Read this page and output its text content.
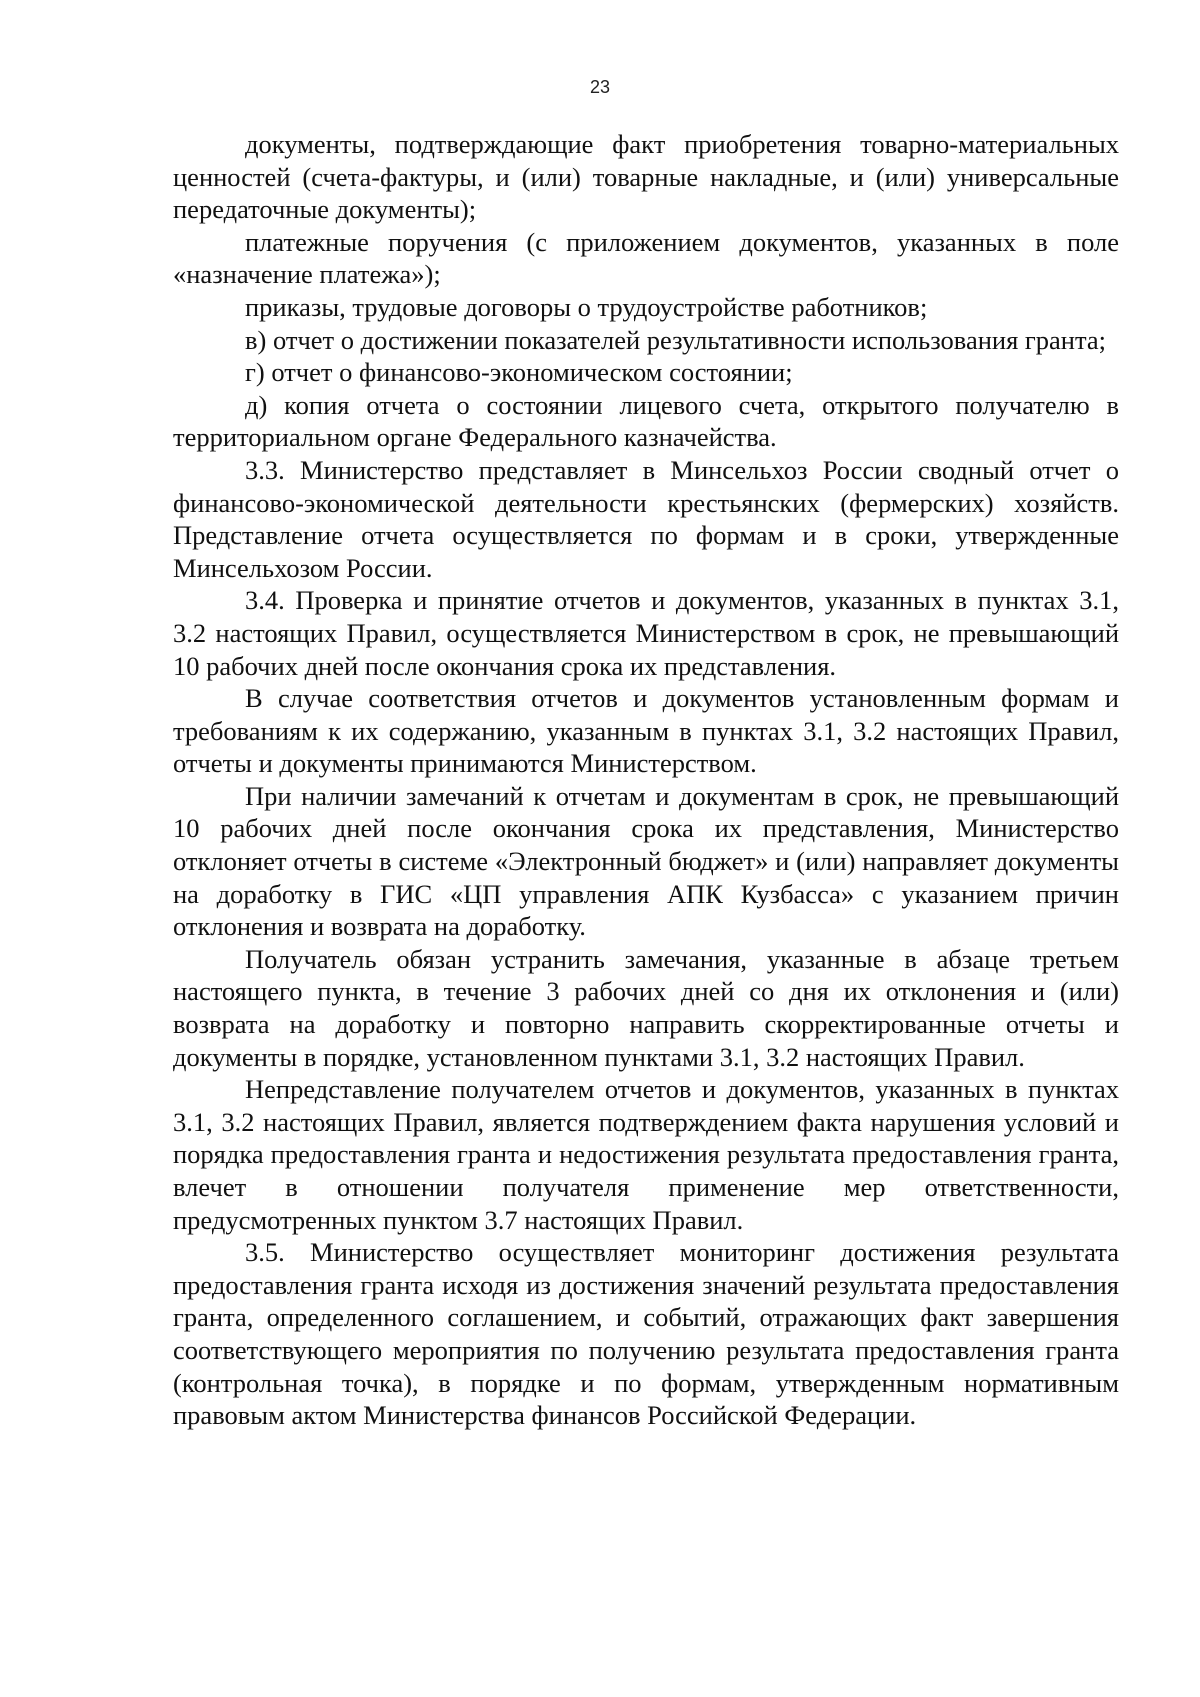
23

документы, подтверждающие факт приобретения товарно-материальных ценностей (счета-фактуры, и (или) товарные накладные, и (или) универсальные передаточные документы);

платежные поручения (с приложением документов, указанных в поле «назначение платежа»);

приказы, трудовые договоры о трудоустройстве работников;

в) отчет о достижении показателей результативности использования гранта;

г) отчет о финансово-экономическом состоянии;

д) копия отчета о состоянии лицевого счета, открытого получателю в территориальном органе Федерального казначейства.

3.3. Министерство представляет в Минсельхоз России сводный отчет о финансово-экономической деятельности крестьянских (фермерских) хозяйств. Представление отчета осуществляется по формам и в сроки, утвержденные Минсельхозом России.

3.4. Проверка и принятие отчетов и документов, указанных в пунктах 3.1, 3.2 настоящих Правил, осуществляется Министерством в срок, не превышающий 10 рабочих дней после окончания срока их представления.

В случае соответствия отчетов и документов установленным формам и требованиям к их содержанию, указанным в пунктах 3.1, 3.2 настоящих Правил, отчеты и документы принимаются Министерством.

При наличии замечаний к отчетам и документам в срок, не превышающий 10 рабочих дней после окончания срока их представления, Министерство отклоняет отчеты в системе «Электронный бюджет» и (или) направляет документы на доработку в ГИС «ЦП управления АПК Кузбасса» с указанием причин отклонения и возврата на доработку.

Получатель обязан устранить замечания, указанные в абзаце третьем настоящего пункта, в течение 3 рабочих дней со дня их отклонения и (или) возврата на доработку и повторно направить скорректированные отчеты и документы в порядке, установленном пунктами 3.1, 3.2 настоящих Правил.

Непредставление получателем отчетов и документов, указанных в пунктах 3.1, 3.2 настоящих Правил, является подтверждением факта нарушения условий и порядка предоставления гранта и недостижения результата предоставления гранта, влечет в отношении получателя применение мер ответственности, предусмотренных пунктом 3.7 настоящих Правил.

3.5. Министерство осуществляет мониторинг достижения результата предоставления гранта исходя из достижения значений результата предоставления гранта, определенного соглашением, и событий, отражающих факт завершения соответствующего мероприятия по получению результата предоставления гранта (контрольная точка), в порядке и по формам, утвержденным нормативным правовым актом Министерства финансов Российской Федерации.
